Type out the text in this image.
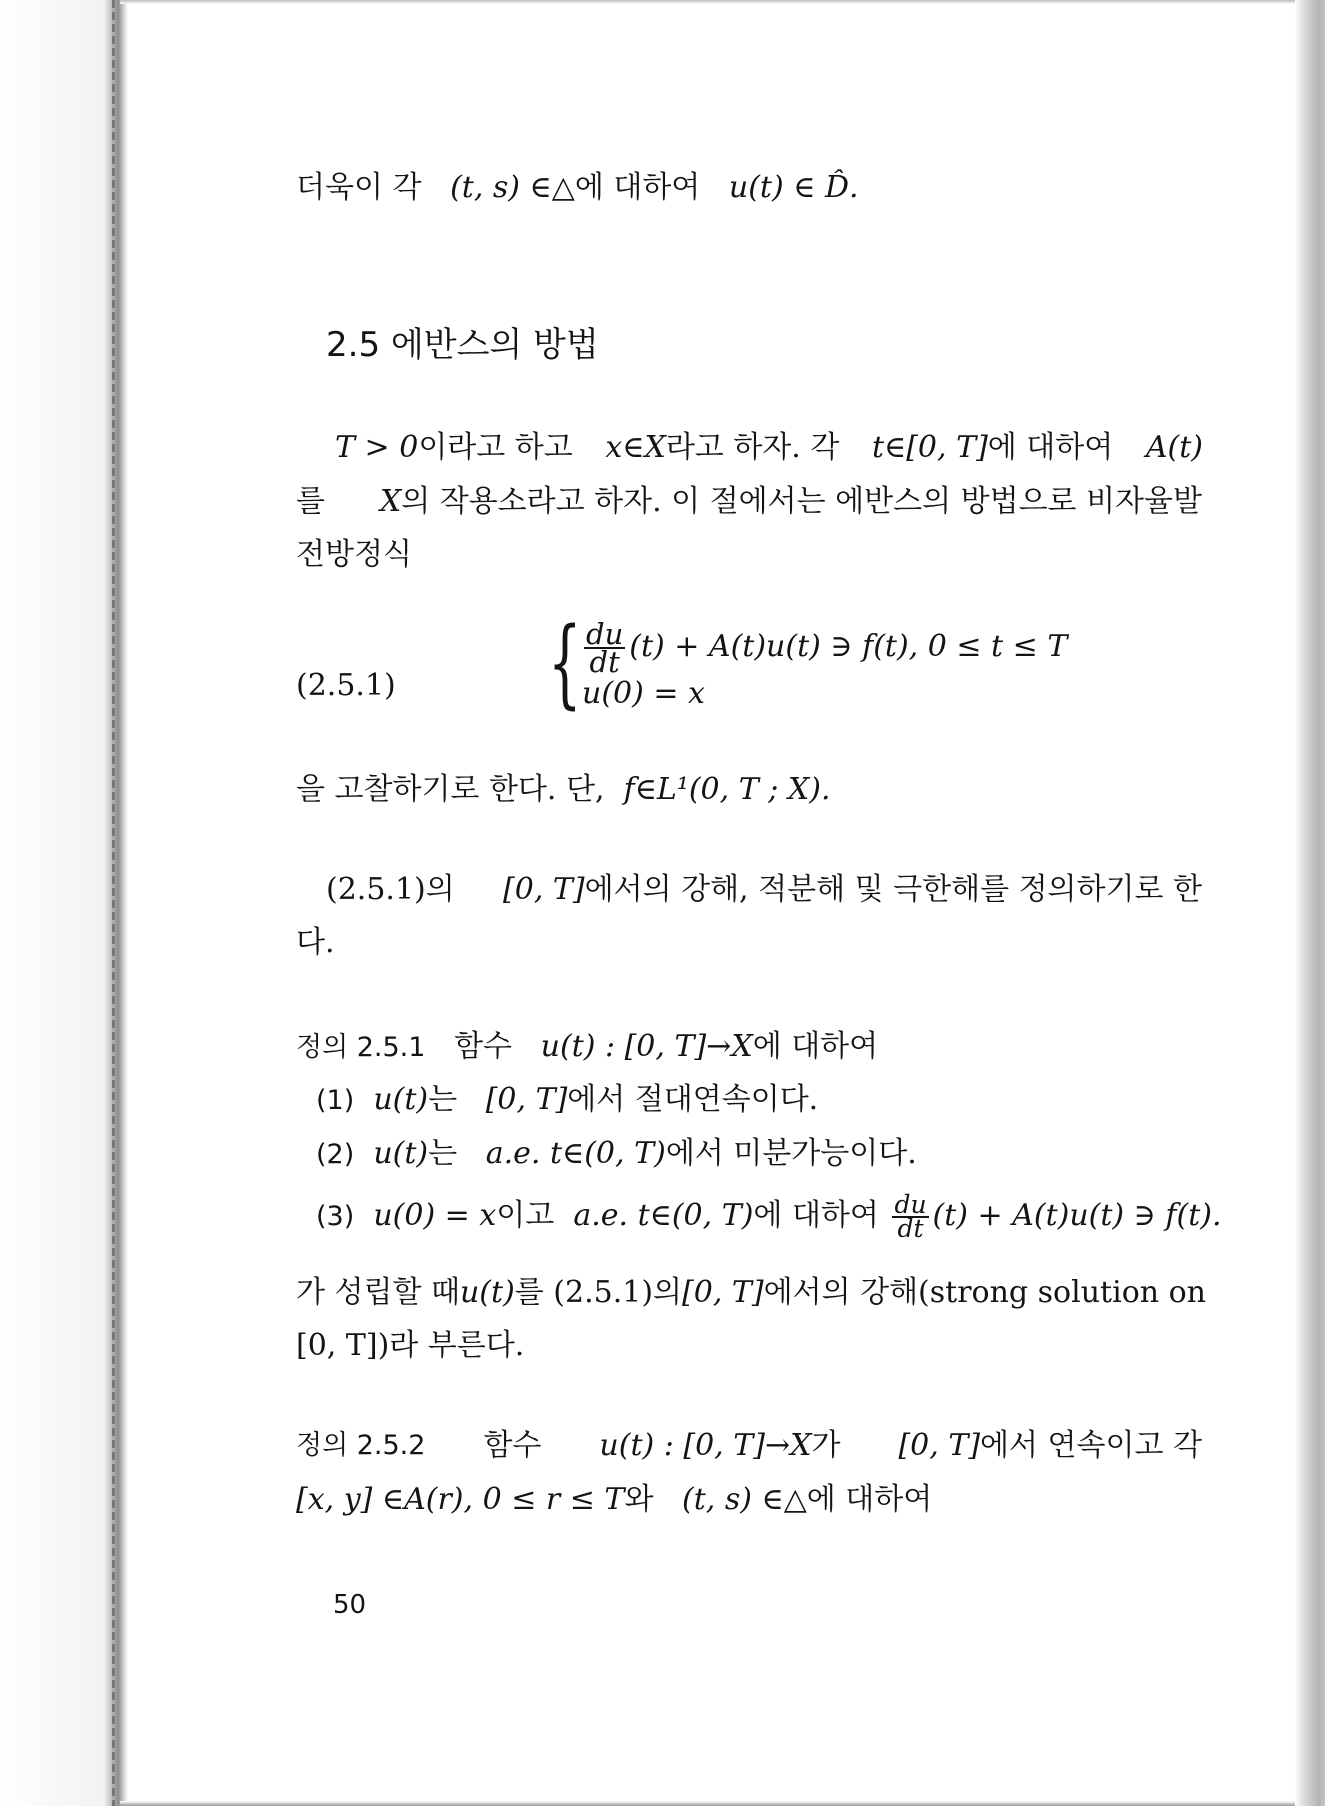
더욱이 각 (t, s) ∈△에 대하여 u(t) ∈ D̂.
2.5 에반스의 방법
T > 0이라고 하고 x∈X라고 하자. 각 t∈[0, T]에 대하여 A(t)
를 X의 작용소라고 하자. 이 절에서는 에반스의 방법으로 비자율발
전방정식
(2.5.1) { $\frac{du}{dt} (t) + A(t)u(t)$ ∋ f(t), 0 ≤ t ≤ T
u(0) = x
을 고찰하기로 한다. 단, f∈L¹(0, T ; X).
(2.5.1)의 [0, T]에서의 강해, 적분해 및 극한해를 정의하기로 한
다.
정의 2.5.1 함수 u(t) : [0, T]→X에 대하여
(1) u(t)는 [0, T]에서 절대연속이다.
(2) u(t)는 a.e. t∈(0, T)에서 미분가능이다.
(3) u(0) = x이고 a.e. t∈(0, T)에 대하여 $\frac{du}{dt} (t) + A(t)u(t)$ ∋ f(t).
가 성립할 때 u(t)를 (2.5.1)의 [0, T]에서의 강해(strong solution on
[0, T])라 부른다.
정의 2.5.2 함수 u(t) : [0, T]→X가 [0, T]에서 연속이고 각
[x, y] ∈A(r), 0 ≤ r ≤ T와 (t, s) ∈△에 대하여
50
